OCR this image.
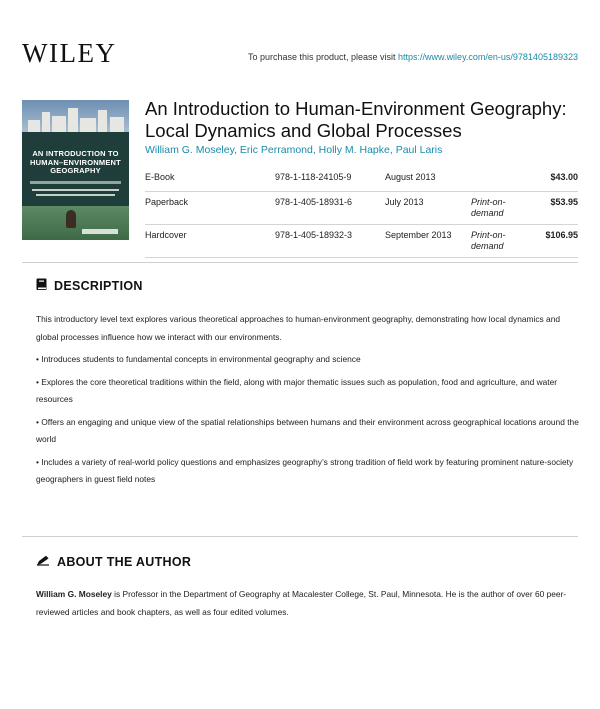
WILEY	To purchase this product, please visit https://www.wiley.com/en-us/9781405189323
AN INTRODUCTION TO HUMAN–ENVIRONMENT GEOGRAPHY
An Introduction to Human-Environment Geography: Local Dynamics and Global Processes
William G. Moseley, Eric Perramond, Holly M. Hapke, Paul Laris
E-Book	978-1-118-24105-9	August 2013		$43.00
Paperback	978-1-405-18931-6	July 2013	Print-on-demand	$53.95
Hardcover	978-1-405-18932-3	September 2013	Print-on-demand	$106.95
DESCRIPTION

This introductory level text explores various theoretical approaches to human-environment geography, demonstrating how local dynamics and global processes influence how we interact with our environments.

• Introduces students to fundamental concepts in environmental geography and science

• Explores the core theoretical traditions within the field, along with major thematic issues such as population, food and agriculture, and water resources

• Offers an engaging and unique view of the spatial relationships between humans and their environment across geographical locations around the world

• Includes a variety of real-world policy questions and emphasizes geography’s strong tradition of field work by featuring prominent nature-society geographers in guest field notes

ABOUT THE AUTHOR
William G. Moseley is Professor in the Department of Geography at Macalester College, St. Paul, Minnesota. He is the author of over 60 peer-reviewed articles and book chapters, as well as four edited volumes.
